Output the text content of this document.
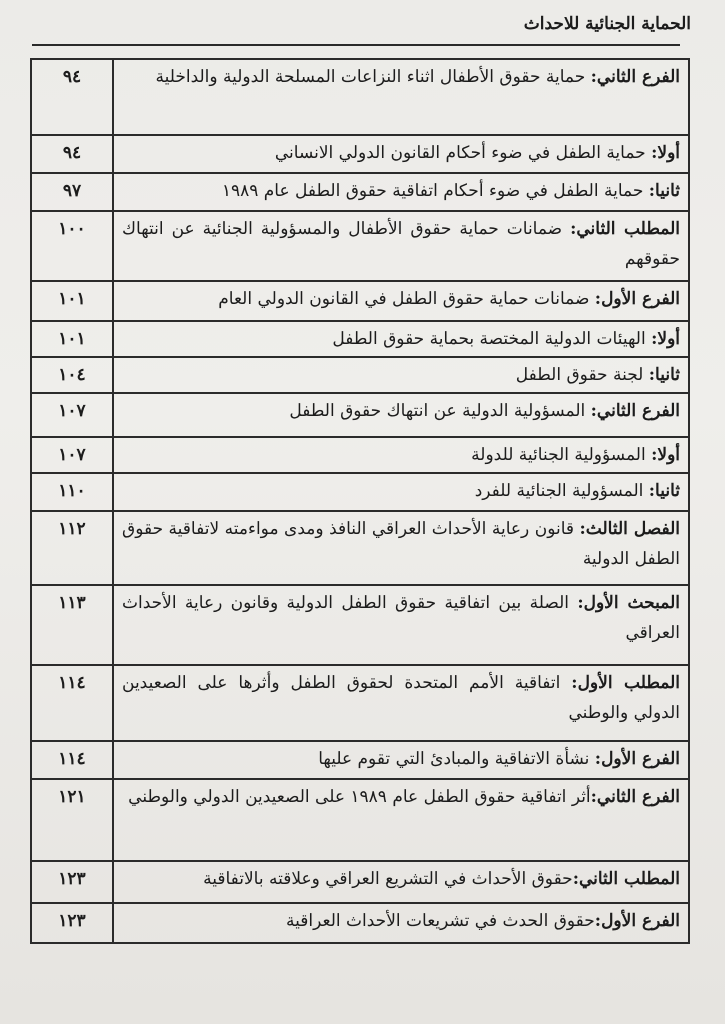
الحماية الجنائية للاحداث
الفرع الثاني: حماية حقوق الأطفال اثناء النزاعات المسلحة الدولية والداخلية	٩٤
أولا: حماية الطفل في ضوء أحكام القانون الدولي الانساني	٩٤
ثانيا: حماية الطفل في ضوء أحكام اتفاقية حقوق الطفل عام ١٩٨٩	٩٧
المطلب الثاني: ضمانات حماية حقوق الأطفال والمسؤولية الجنائية عن انتهاك حقوقهم	١٠٠
الفرع الأول: ضمانات حماية حقوق الطفل في القانون الدولي العام	١٠١
أولا: الهيئات الدولية المختصة بحماية حقوق الطفل	١٠١
ثانيا: لجنة حقوق الطفل	١٠٤
الفرع الثاني: المسؤولية الدولية عن انتهاك حقوق الطفل	١٠٧
أولا: المسؤولية الجنائية للدولة	١٠٧
ثانيا: المسؤولية الجنائية للفرد	١١٠
الفصل الثالث: قانون رعاية الأحداث العراقي النافذ ومدى مواءمته لاتفاقية حقوق الطفل الدولية	١١٢
المبحث الأول: الصلة بين اتفاقية حقوق الطفل الدولية وقانون رعاية الأحداث العراقي	١١٣
المطلب الأول: اتفاقية الأمم المتحدة لحقوق الطفل وأثرها على الصعيدين الدولي والوطني	١١٤
الفرع الأول: نشأة الاتفاقية والمبادئ التي تقوم عليها	١١٤
الفرع الثاني:أثر اتفاقية حقوق الطفل عام ١٩٨٩ على الصعيدين الدولي والوطني	١٢١
المطلب الثاني:حقوق الأحداث في التشريع العراقي وعلاقته بالاتفاقية	١٢٣
الفرع الأول:حقوق الحدث في تشريعات الأحداث العراقية	١٢٣
